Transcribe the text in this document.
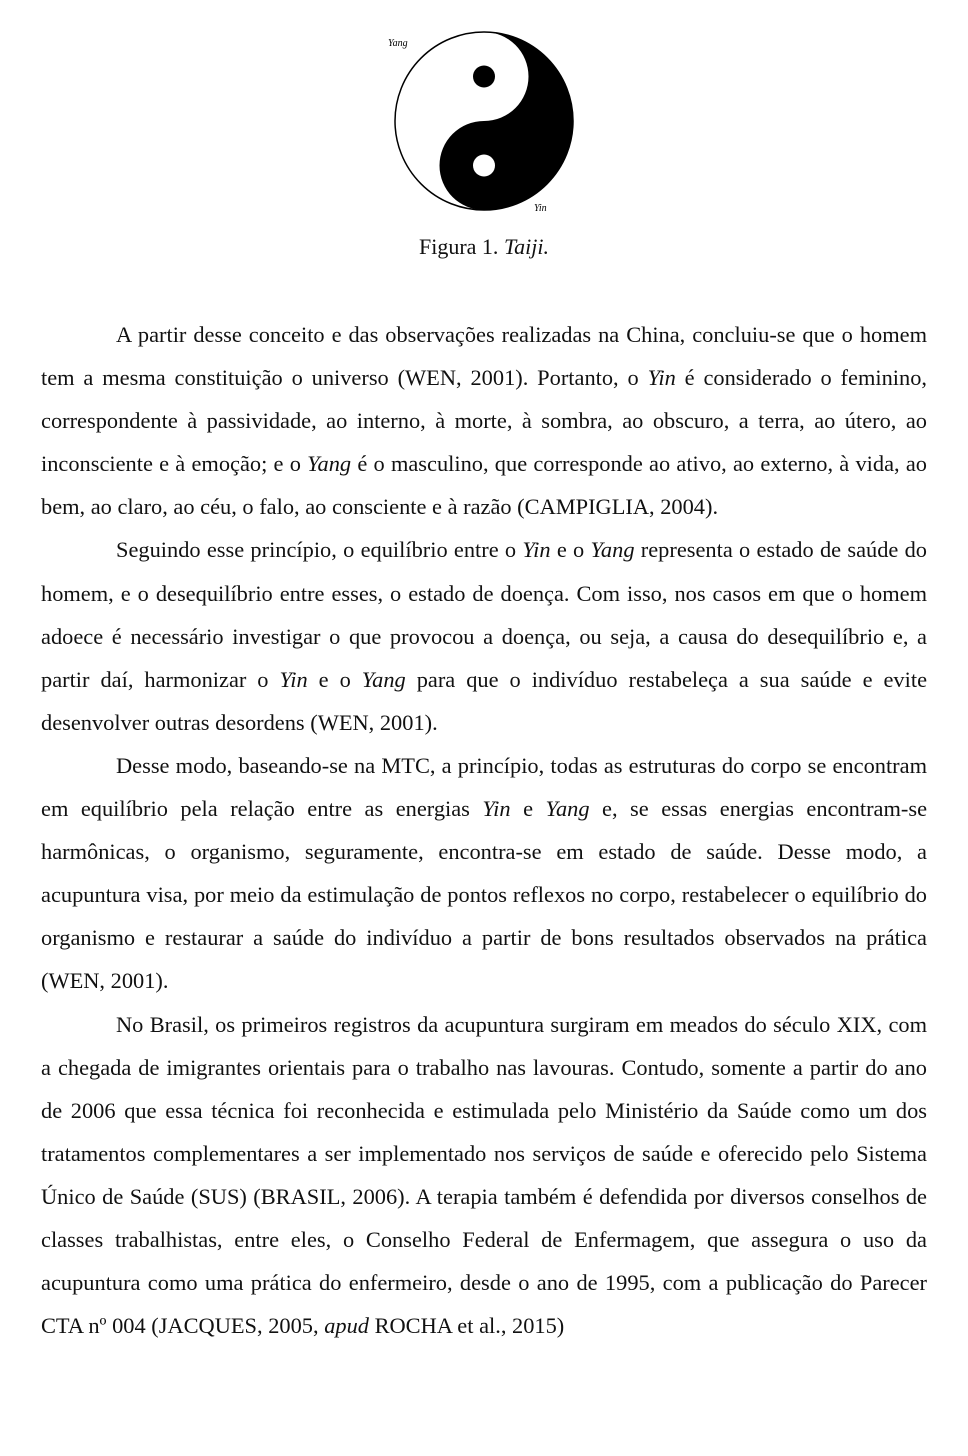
Yang
Yin
Figura 1. Taiji.

A partir desse conceito e das observações realizadas na China, concluiu-se que o homem tem a mesma constituição o universo (WEN, 2001). Portanto, o Yin é considerado o feminino, correspondente à passividade, ao interno, à morte, à sombra, ao obscuro, a terra, ao útero, ao inconsciente e à emoção; e o Yang é o masculino, que corresponde ao ativo, ao externo, à vida, ao bem, ao claro, ao céu, o falo, ao consciente e à razão (CAMPIGLIA, 2004).

Seguindo esse princípio, o equilíbrio entre o Yin e o Yang representa o estado de saúde do homem, e o desequilíbrio entre esses, o estado de doença. Com isso, nos casos em que o homem adoece é necessário investigar o que provocou a doença, ou seja, a causa do desequilíbrio e, a partir daí, harmonizar o Yin e o Yang para que o indivíduo restabeleça a sua saúde e evite desenvolver outras desordens (WEN, 2001).

Desse modo, baseando-se na MTC, a princípio, todas as estruturas do corpo se encontram em equilíbrio pela relação entre as energias Yin e Yang e, se essas energias encontram-se harmônicas, o organismo, seguramente, encontra-se em estado de saúde. Desse modo, a acupuntura visa, por meio da estimulação de pontos reflexos no corpo, restabelecer o equilíbrio do organismo e restaurar a saúde do indivíduo a partir de bons resultados observados na prática (WEN, 2001).

No Brasil, os primeiros registros da acupuntura surgiram em meados do século XIX, com a chegada de imigrantes orientais para o trabalho nas lavouras. Contudo, somente a partir do ano de 2006 que essa técnica foi reconhecida e estimulada pelo Ministério da Saúde como um dos tratamentos complementares a ser implementado nos serviços de saúde e oferecido pelo Sistema Único de Saúde (SUS) (BRASIL, 2006). A terapia também é defendida por diversos conselhos de classes trabalhistas, entre eles, o Conselho Federal de Enfermagem, que assegura o uso da acupuntura como uma prática do enfermeiro, desde o ano de 1995, com a publicação do Parecer CTA nº 004 (JACQUES, 2005, apud ROCHA et al., 2015)
